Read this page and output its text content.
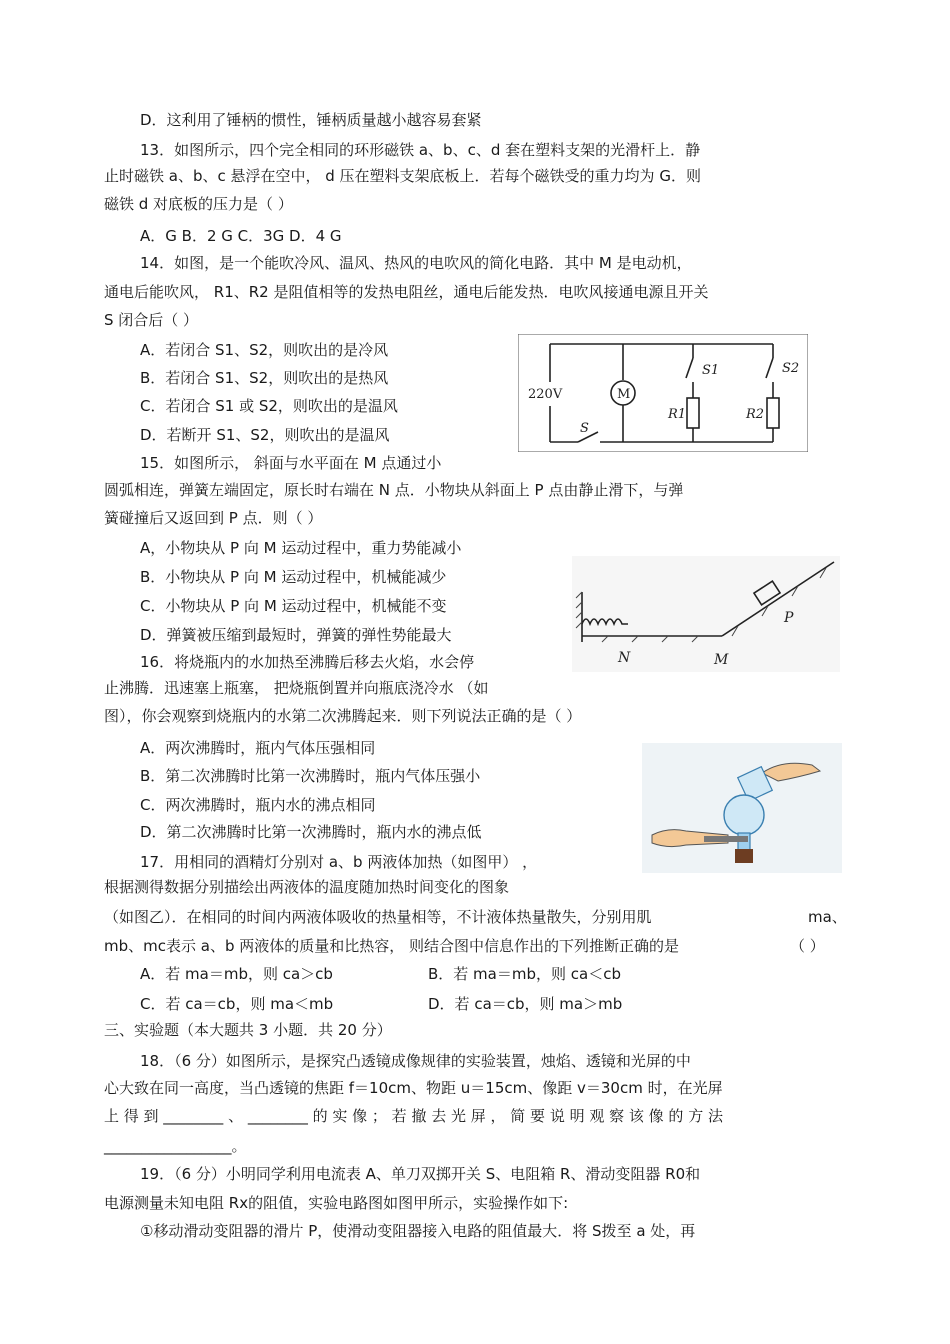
D．这利用了锤柄的惯性，锤柄质量越小越容易套紧
13．如图所示，四个完全相同的环形磁铁 a、b、c、d 套在塑料支架的光滑杆上．静
止时磁铁 a、b、c 悬浮在空中， d 压在塑料支架底板上．若每个磁铁受的重力均为 G．则
磁铁 d 对底板的压力是（ ）
A．G B．2 G C．3G D．4 G
14．如图，是一个能吹冷风、温风、热风的电吹风的简化电路．其中 M 是电动机，
通电后能吹风， R1、R2 是阻值相等的发热电阻丝，通电后能发热．电吹风接通电源且开关
S 闭合后（ ）
A．若闭合 S1、S2，则吹出的是冷风
B．若闭合 S1、S2，则吹出的是热风
C．若闭合 S1 或 S2，则吹出的是温风
D．若断开 S1、S2，则吹出的是温风
15．如图所示， 斜面与水平面在 M 点通过小
圆弧相连，弹簧左端固定，原长时右端在 N 点．小物块从斜面上 P 点由静止滑下，与弹
簧碰撞后又返回到 P 点．则（ ）
A，小物块从 P 向 M 运动过程中，重力势能减小
B．小物块从 P 向 M 运动过程中，机械能减少
C．小物块从 P 向 M 运动过程中，机械能不变
D．弹簧被压缩到最短时，弹簧的弹性势能最大
16．将烧瓶内的水加热至沸腾后移去火焰，水会停
止沸腾．迅速塞上瓶塞， 把烧瓶倒置并向瓶底浇冷水 （如
图），你会观察到烧瓶内的水第二次沸腾起来．则下列说法正确的是（ ）
A．两次沸腾时，瓶内气体压强相同
B．第二次沸腾时比第一次沸腾时，瓶内气体压强小
C．两次沸腾时，瓶内水的沸点相同
D．第二次沸腾时比第一次沸腾时，瓶内水的沸点低
17．用相同的酒精灯分别对 a、b 两液体加热（如图甲） ，
根据测得数据分别描绘出两液体的温度随加热时间变化的图象
（如图乙）．在相同的时间内两液体吸收的热量相等，不计液体热量散失，分别用肌	ma、
mb、mc表示 a、b 两液体的质量和比热容， 则结合图中信息作出的下列推断正确的是	（ ）
A．若 ma＝mb，则 ca＞cb	B．若 ma＝mb，则 ca＜cb
C．若 ca＝cb，则 ma＜mb	D．若 ca＝cb，则 ma＞mb
三、实验题（本大题共 3 小题．共 20 分）
18．（6 分）如图所示，是探究凸透镜成像规律的实验装置，烛焰、透镜和光屏的中
心大致在同一高度，当凸透镜的焦距 f＝10cm、物距 u＝15cm、像距 v＝30cm 时，在光屏
上 得 到 ________ 、 ________ 的 实 像 ； 若 撤 去 光 屏 ， 简 要 说 明 观 察 该 像 的 方 法
_________________。
19．（6 分）小明同学利用电流表 A、单刀双掷开关 S、电阻箱 R、滑动变阻器 R0和
电源测量未知电阻 Rx的阻值，实验电路图如图甲所示，实验操作如下:
①移动滑动变阻器的滑片 P，使滑动变阻器接入电路的阻值最大．将 S拨至 a 处，再
220V	M
S
S1	S2
R1	R2
N	M
P
